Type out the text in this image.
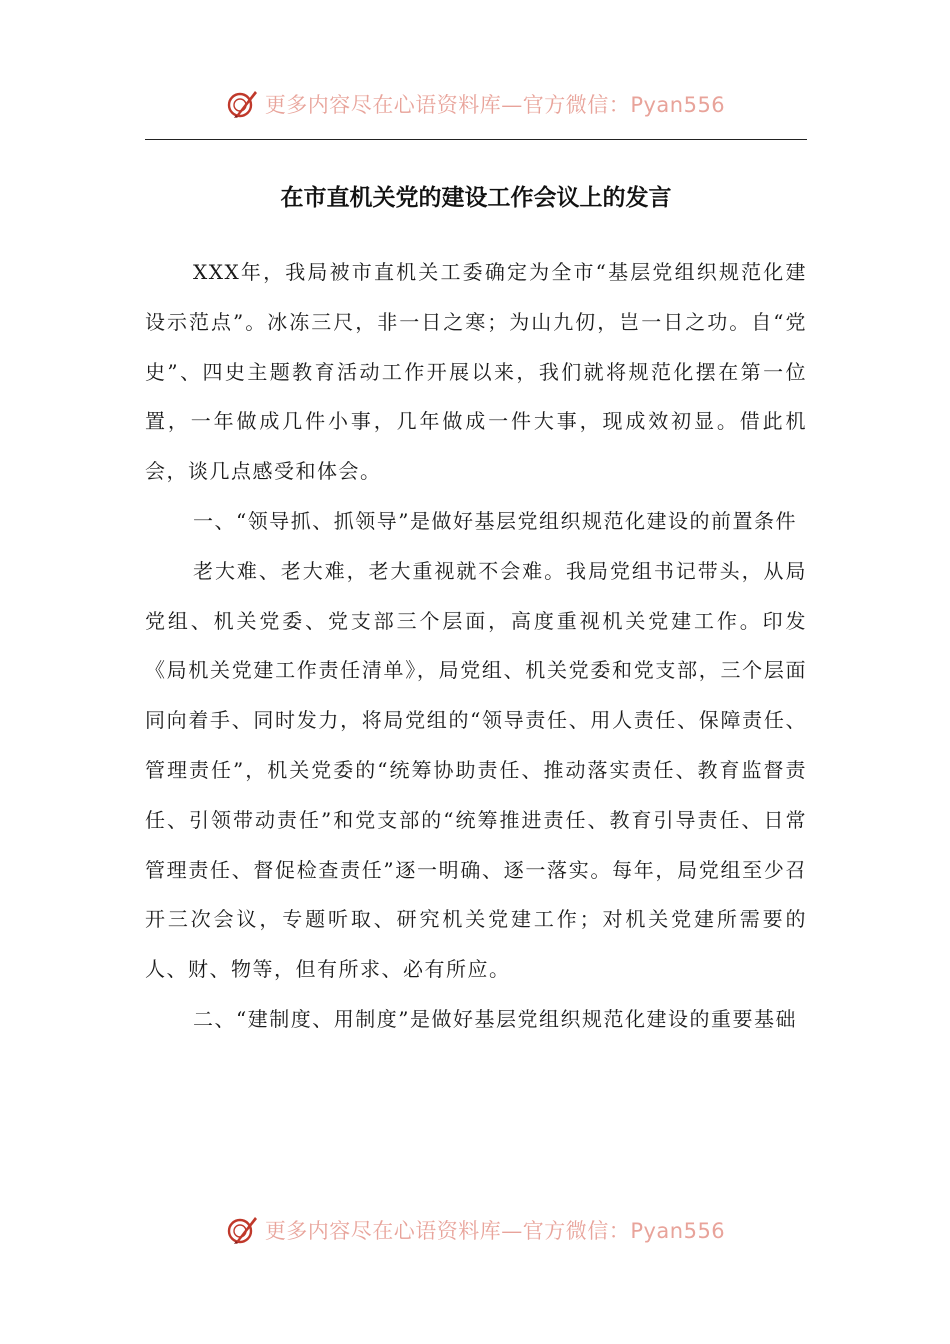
更多内容尽在心语资料库—官方微信：Pyan556
在市直机关党的建设工作会议上的发言

XXX年，我局被市直机关工委确定为全市“基层党组织规范化建设示范点”。冰冻三尺，非一日之寒；为山九仞，岂一日之功。自“党史”、四史主题教育活动工作开展以来，我们就将规范化摆在第一位置，一年做成几件小事，几年做成一件大事，现成效初显。借此机会，谈几点感受和体会。

一、“领导抓、抓领导”是做好基层党组织规范化建设的前置条件

老大难、老大难，老大重视就不会难。我局党组书记带头，从局党组、机关党委、党支部三个层面，高度重视机关党建工作。印发《局机关党建工作责任清单》，局党组、机关党委和党支部，三个层面同向着手、同时发力，将局党组的“领导责任、用人责任、保障责任、管理责任”，机关党委的“统筹协助责任、推动落实责任、教育监督责任、引领带动责任”和党支部的“统筹推进责任、教育引导责任、日常管理责任、督促检查责任”逐一明确、逐一落实。每年，局党组至少召开三次会议，专题听取、研究机关党建工作；对机关党建所需要的人、财、物等，但有所求、必有所应。

二、“建制度、用制度”是做好基层党组织规范化建设的重要基础

更多内容尽在心语资料库—官方微信：Pyan556
